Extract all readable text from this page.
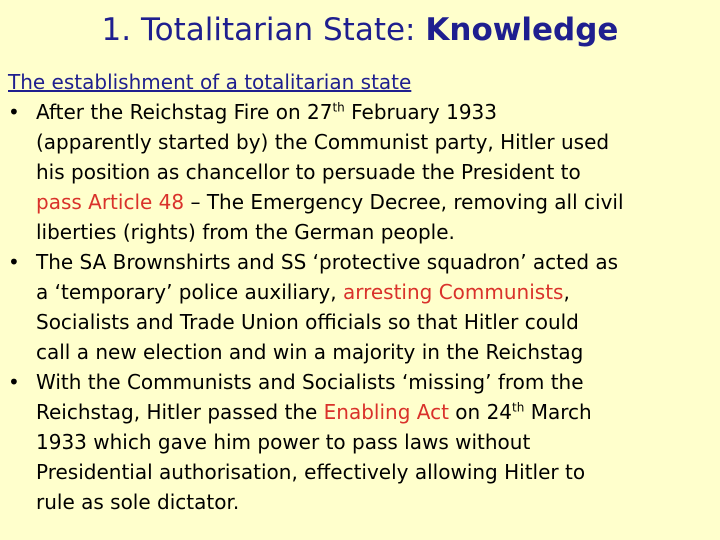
1. Totalitarian State: Knowledge
The establishment of a totalitarian state
• After the Reichstag Fire on 27th February 1933
(apparently started by) the Communist party, Hitler used
his position as chancellor to persuade the President to
pass Article 48 – The Emergency Decree, removing all civil
liberties (rights) from the German people.
• The SA Brownshirts and SS ‘protective squadron’ acted as
a ‘temporary’ police auxiliary, arresting Communists,
Socialists and Trade Union officials so that Hitler could
call a new election and win a majority in the Reichstag
• With the Communists and Socialists ‘missing’ from the
Reichstag, Hitler passed the Enabling Act on 24th March
1933 which gave him power to pass laws without
Presidential authorisation, effectively allowing Hitler to
rule as sole dictator.
